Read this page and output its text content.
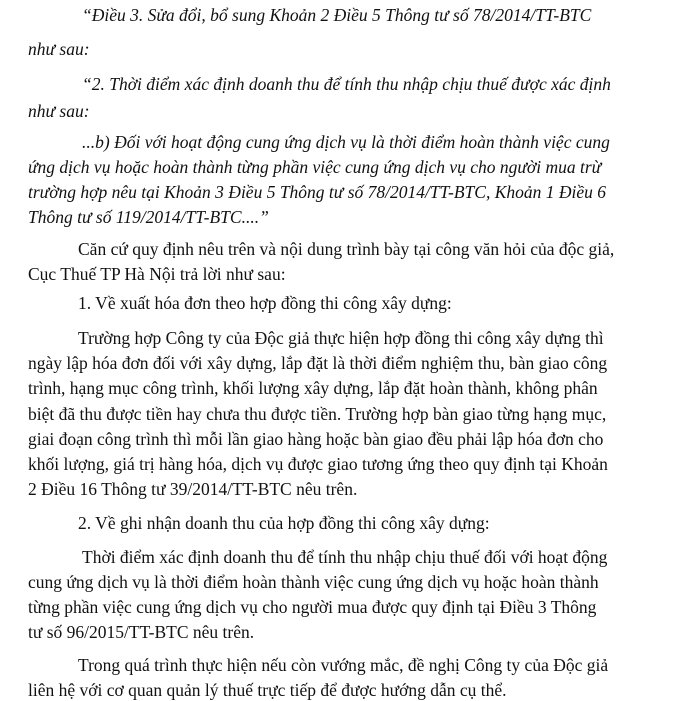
“Điều 3. Sửa đổi, bổ sung Khoản 2 Điều 5 Thông tư số 78/2014/TT-BTC
như sau:
“2. Thời điểm xác định doanh thu để tính thu nhập chịu thuế được xác định
như sau:
...b) Đối với hoạt động cung ứng dịch vụ là thời điểm hoàn thành việc cung
ứng dịch vụ hoặc hoàn thành từng phần việc cung ứng dịch vụ cho người mua trừ
trường hợp nêu tại Khoản 3 Điều 5 Thông tư số 78/2014/TT-BTC, Khoản 1 Điều 6
Thông tư số 119/2014/TT-BTC....”
Căn cứ quy định nêu trên và nội dung trình bày tại công văn hỏi của độc giả,
Cục Thuế TP Hà Nội trả lời như sau:
1. Về xuất hóa đơn theo hợp đồng thi công xây dựng:
Trường hợp Công ty của Độc giả thực hiện hợp đồng thi công xây dựng thì
ngày lập hóa đơn đối với xây dựng, lắp đặt là thời điểm nghiệm thu, bàn giao công
trình, hạng mục công trình, khối lượng xây dựng, lắp đặt hoàn thành, không phân
biệt đã thu được tiền hay chưa thu được tiền. Trường hợp bàn giao từng hạng mục,
giai đoạn công trình thì mỗi lần giao hàng hoặc bàn giao đều phải lập hóa đơn cho
khối lượng, giá trị hàng hóa, dịch vụ được giao tương ứng theo quy định tại Khoản
2 Điều 16 Thông tư 39/2014/TT-BTC nêu trên.
2. Về ghi nhận doanh thu của hợp đồng thi công xây dựng:
Thời điểm xác định doanh thu để tính thu nhập chịu thuế đối với hoạt động
cung ứng dịch vụ là thời điểm hoàn thành việc cung ứng dịch vụ hoặc hoàn thành
từng phần việc cung ứng dịch vụ cho người mua được quy định tại Điều 3 Thông
tư số 96/2015/TT-BTC nêu trên.
Trong quá trình thực hiện nếu còn vướng mắc, đề nghị Công ty của Độc giả
liên hệ với cơ quan quản lý thuế trực tiếp để được hướng dẫn cụ thể.
